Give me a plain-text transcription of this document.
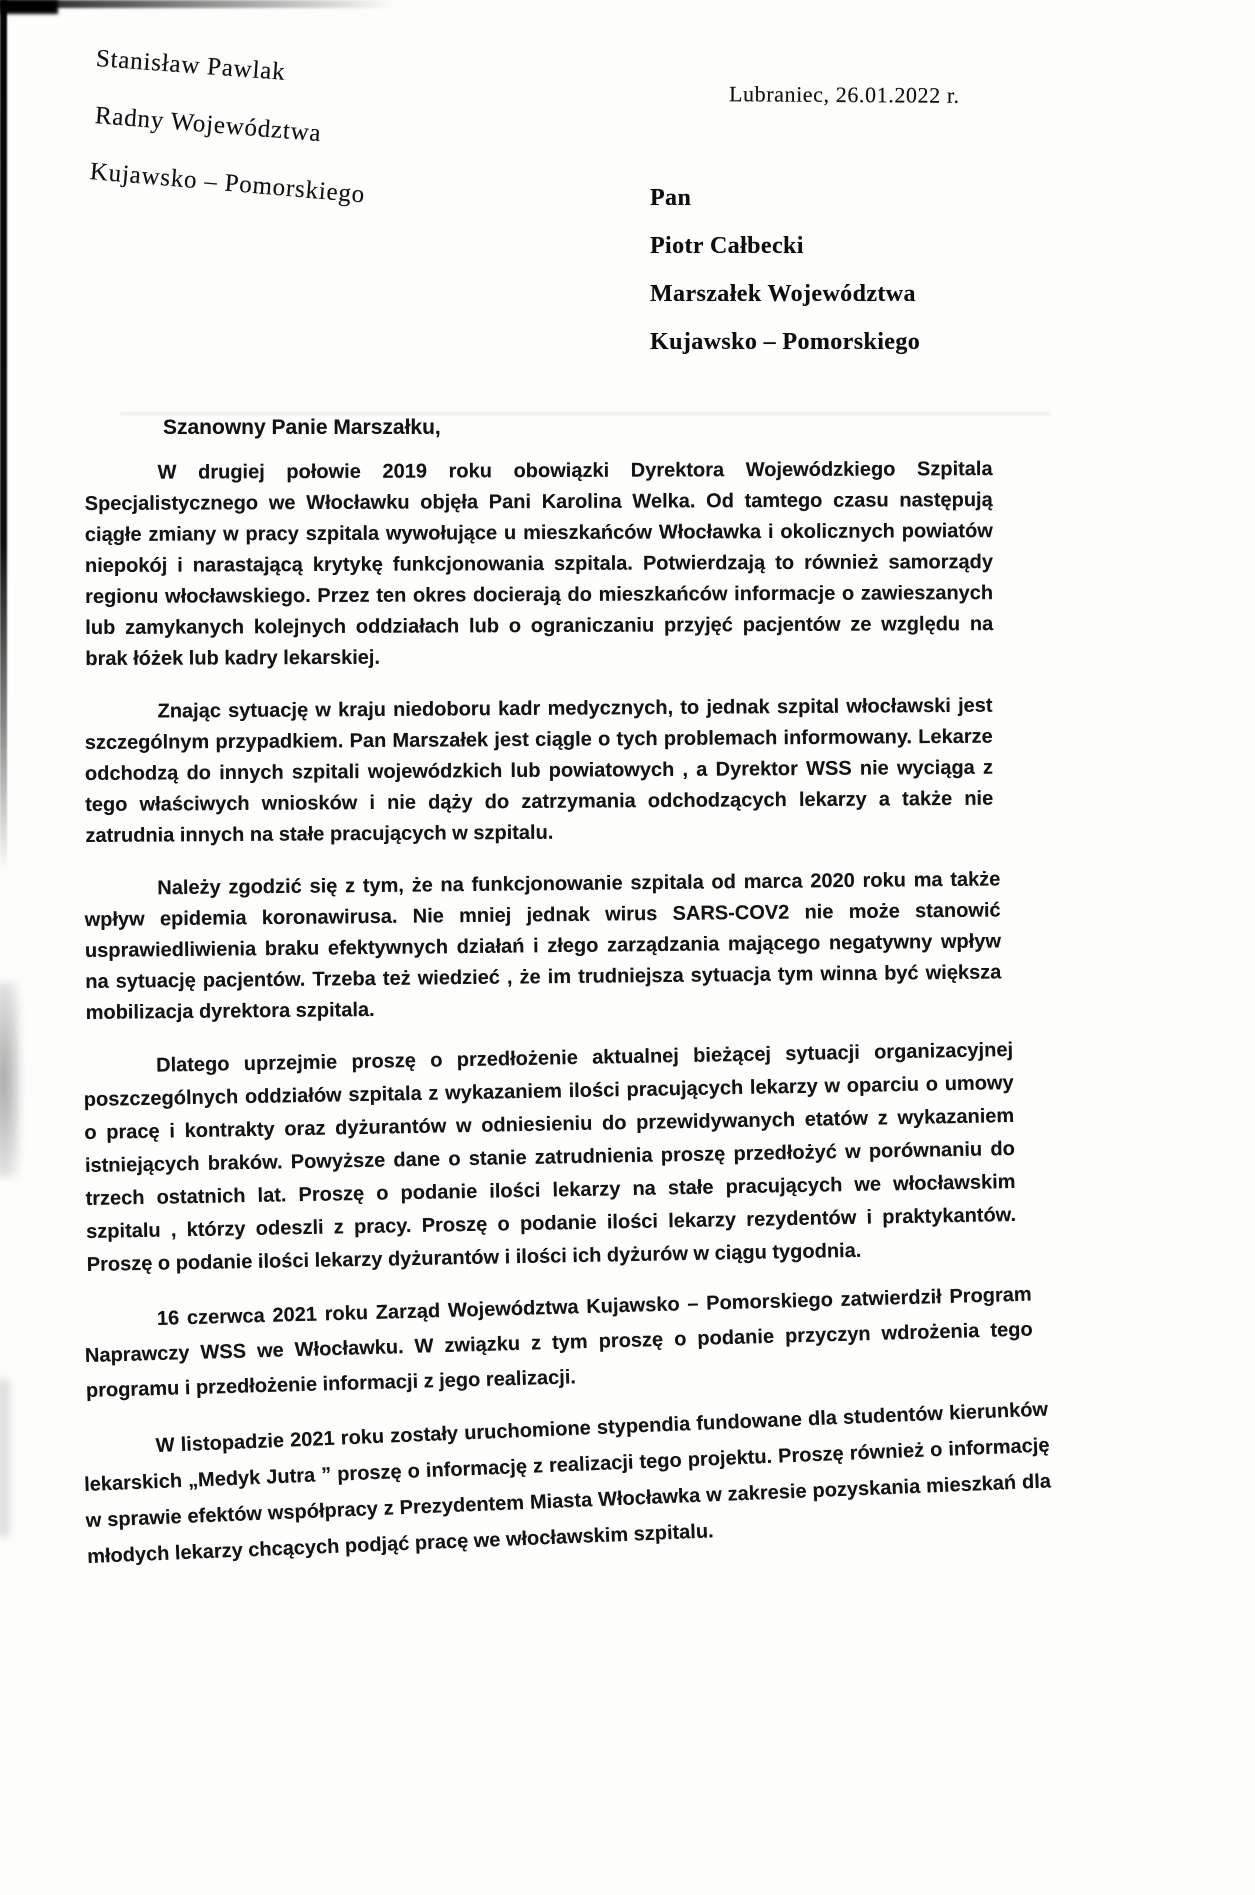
Stanisław Pawlak
Radny Województwa
Kujawsko – Pomorskiego
Lubraniec, 26.01.2022 r.
Pan
Piotr Całbecki
Marszałek Województwa
Kujawsko – Pomorskiego
Szanowny Panie Marszałku,

W drugiej połowie 2019 roku obowiązki Dyrektora Wojewódzkiego Szpitala Specjalistycznego we Włocławku objęła Pani Karolina Welka. Od tamtego czasu następują ciągłe zmiany w pracy szpitala wywołujące u mieszkańców Włocławka i okolicznych powiatów niepokój i narastającą krytykę funkcjonowania szpitala. Potwierdzają to również samorządy regionu włocławskiego. Przez ten okres docierają do mieszkańców informacje o zawieszanych lub zamykanych kolejnych oddziałach lub o ograniczaniu przyjęć pacjentów ze względu na brak łóżek lub kadry lekarskiej.

Znając sytuację w kraju niedoboru kadr medycznych, to jednak szpital włocławski jest szczególnym przypadkiem. Pan Marszałek jest ciągle o tych problemach informowany. Lekarze odchodzą do innych szpitali wojewódzkich lub powiatowych , a Dyrektor WSS nie wyciąga z tego właściwych wniosków i nie dąży do zatrzymania odchodzących lekarzy a także nie zatrudnia innych na stałe pracujących w szpitalu.

Należy zgodzić się z tym, że na funkcjonowanie szpitala od marca 2020 roku ma także wpływ epidemia koronawirusa. Nie mniej jednak wirus SARS-COV2 nie może stanowić usprawiedliwienia braku efektywnych działań i złego zarządzania mającego negatywny wpływ na sytuację pacjentów. Trzeba też wiedzieć , że im trudniejsza sytuacja tym winna być większa mobilizacja dyrektora szpitala.

Dlatego uprzejmie proszę o przedłożenie aktualnej bieżącej sytuacji organizacyjnej poszczególnych oddziałów szpitala z wykazaniem ilości pracujących lekarzy w oparciu o umowy o pracę i kontrakty oraz dyżurantów w odniesieniu do przewidywanych etatów z wykazaniem istniejących braków. Powyższe dane o stanie zatrudnienia proszę przedłożyć w porównaniu do trzech ostatnich lat. Proszę o podanie ilości lekarzy na stałe pracujących we włocławskim szpitalu , którzy odeszli z pracy. Proszę o podanie ilości lekarzy rezydentów i praktykantów. Proszę o podanie ilości lekarzy dyżurantów i ilości ich dyżurów w ciągu tygodnia.

16 czerwca 2021 roku Zarząd Województwa Kujawsko – Pomorskiego zatwierdził Program Naprawczy WSS we Włocławku. W związku z tym proszę o podanie przyczyn wdrożenia tego programu i przedłożenie informacji z jego realizacji.

W listopadzie 2021 roku zostały uruchomione stypendia fundowane dla studentów kierunków lekarskich „Medyk Jutra ” proszę o informację z realizacji tego projektu. Proszę również o informację w sprawie efektów współpracy z Prezydentem Miasta Włocławka w zakresie pozyskania mieszkań dla młodych lekarzy chcących podjąć pracę we włocławskim szpitalu.
